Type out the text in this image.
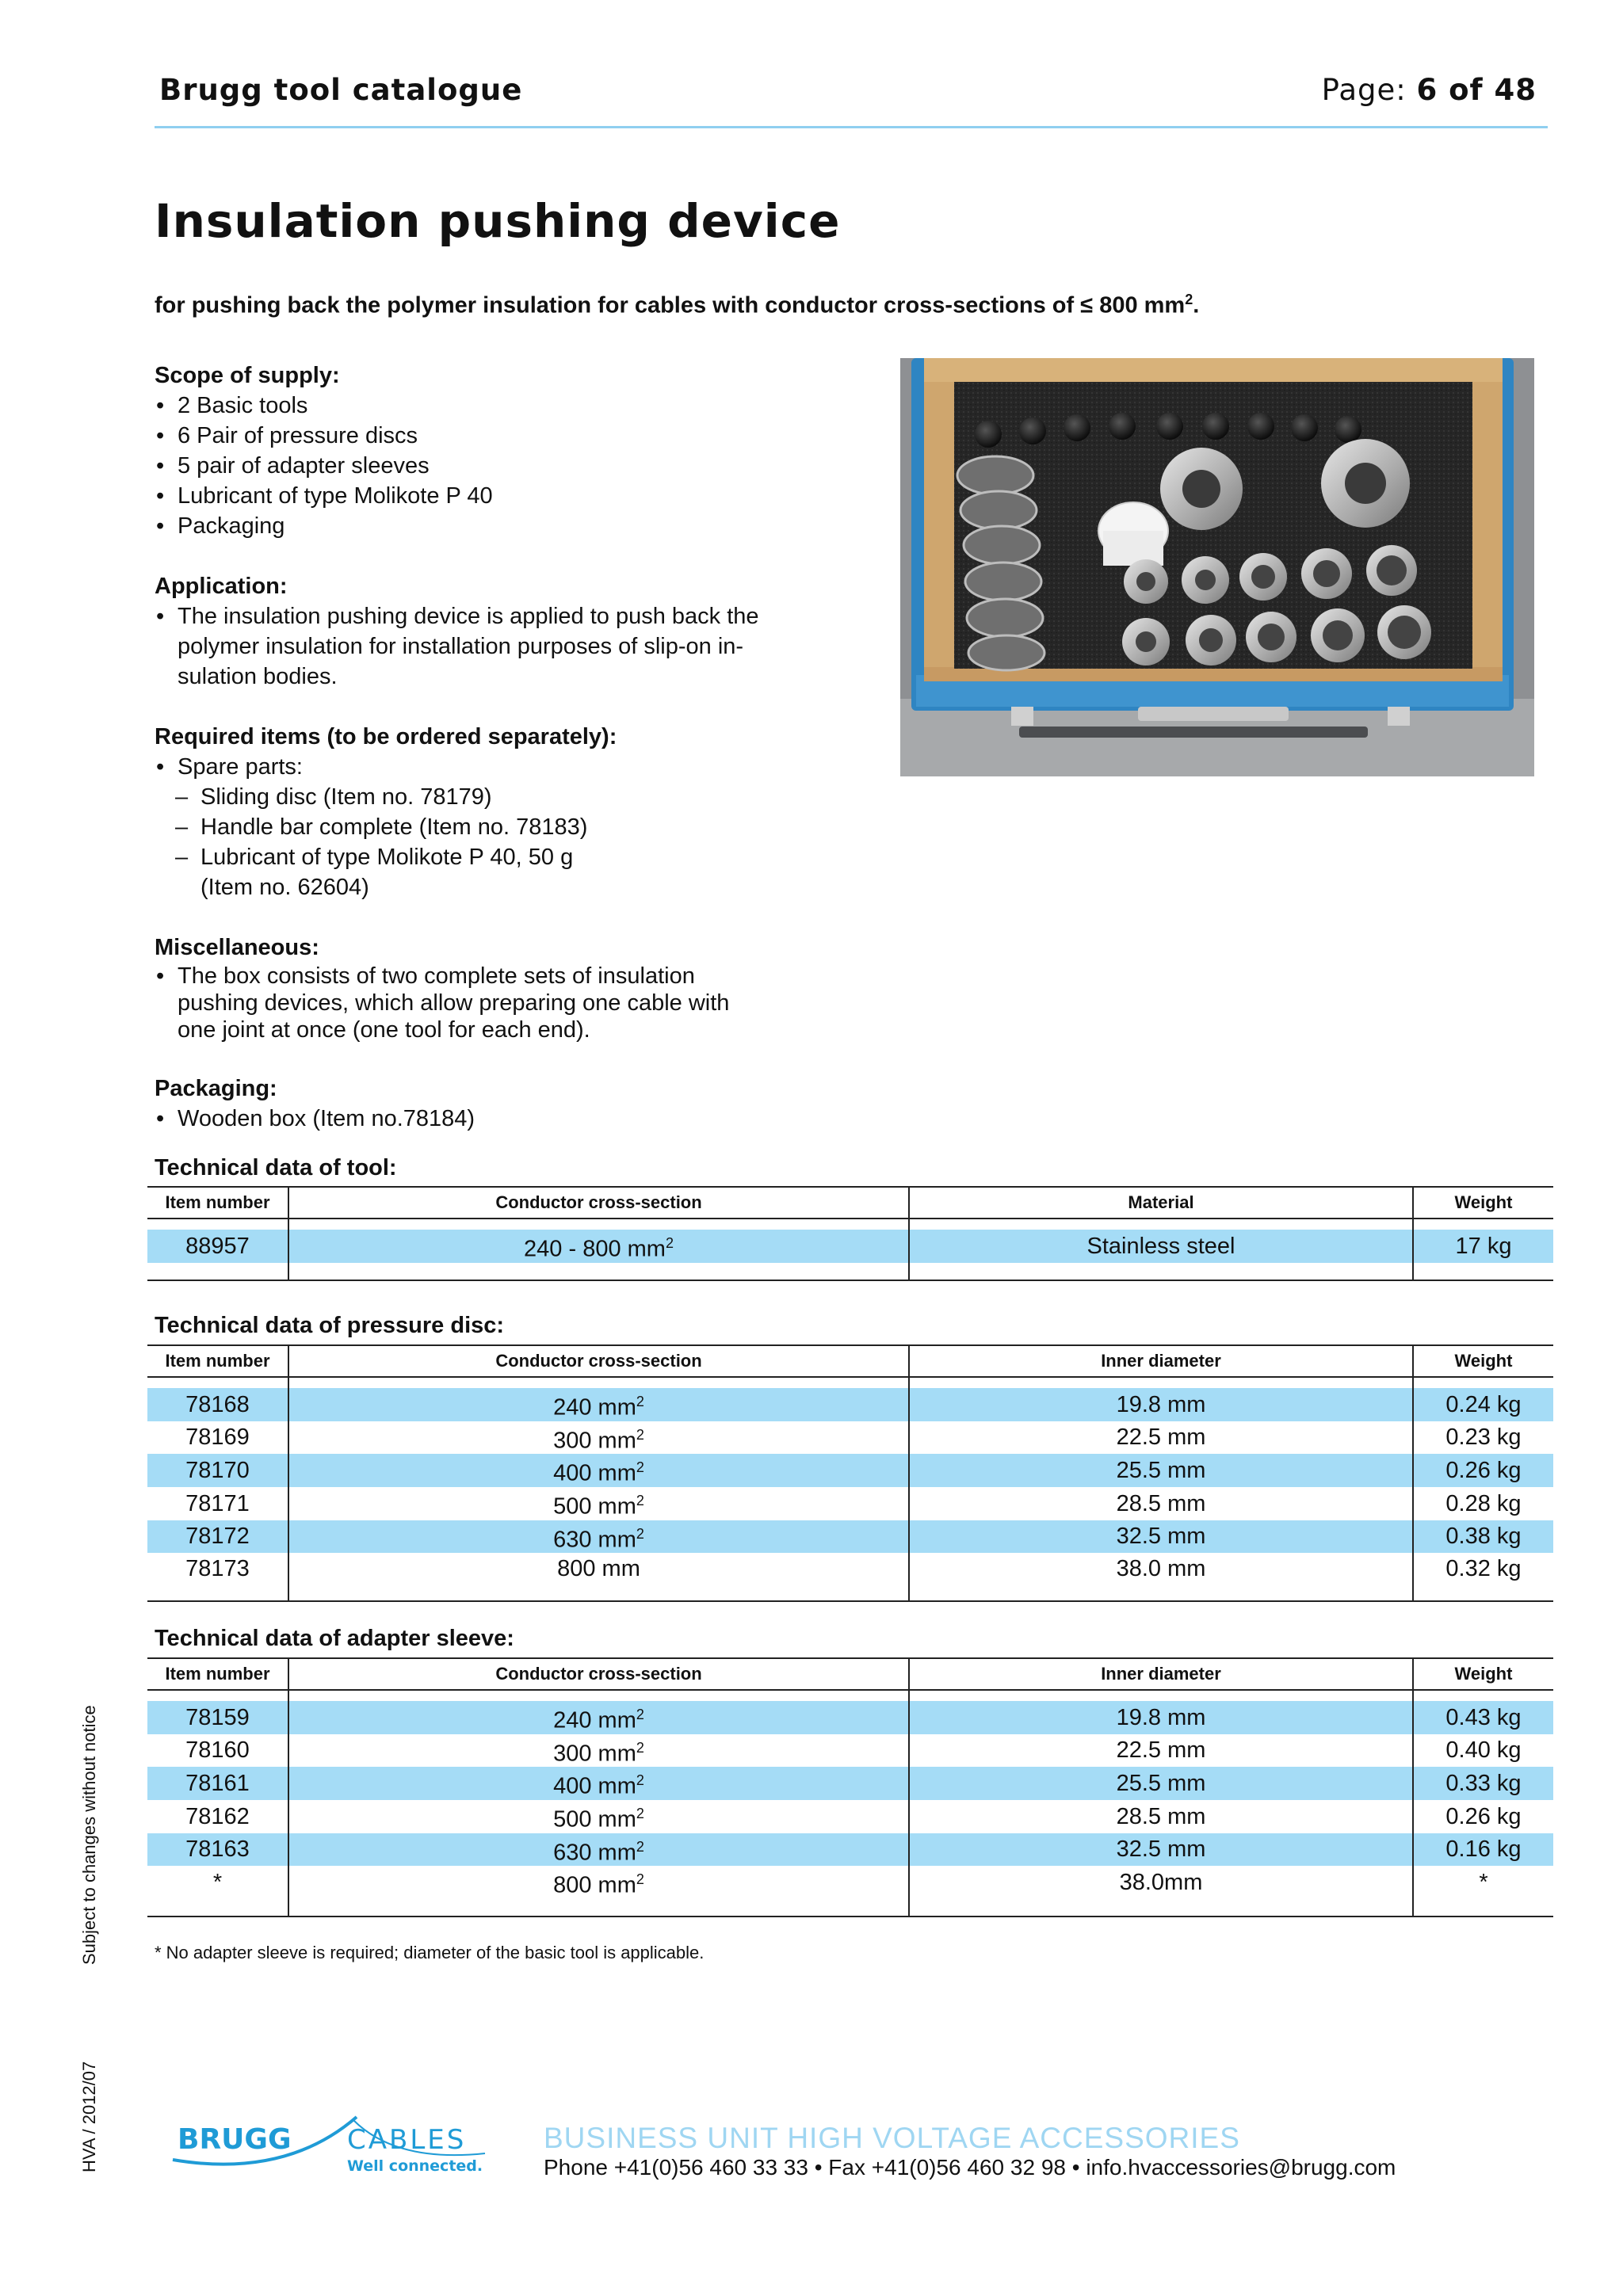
Brugg tool catalogue	Page: 6 of 48
Insulation pushing device
for pushing back the polymer insulation for cables with conductor cross-sections of ≤ 800 $mm^2$.
Scope of supply:
• 2 Basic tools
• 6 Pair of pressure discs
• 5 pair of adapter sleeves
• Lubricant of type Molikote P 40
• Packaging
Application:
• The insulation pushing device is applied to push back the
polymer insulation for installation purposes of slip-on in-
sulation bodies.
Required items (to be ordered separately):
• Spare parts:
– Sliding disc (Item no. 78179)
– Handle bar complete (Item no. 78183)
– Lubricant of type Molikote P 40, 50 g
(Item no. 62604)
Miscellaneous:
• The box consists of two complete sets of insulation
pushing devices, which allow preparing one cable with
one joint at once (one tool for each end).
Packaging:
• Wooden box (Item no.78184)
Technical data of tool:
Item number	Conductor cross-section	Material	Weight

88957	240 - 800 $mm^2$	Stainless steel	17 kg

Technical data of pressure disc:
Item number	Conductor cross-section	Inner diameter	Weight

78168	240 $mm^2$	19.8 mm	0.24 kg
78169	300 $mm^2$	22.5 mm	0.23 kg
78170	400 $mm^2$	25.5 mm	0.26 kg
78171	500 $mm^2$	28.5 mm	0.28 kg
78172	630 $mm^2$	32.5 mm	0.38 kg
78173	800 mm	38.0 mm	0.32 kg

Technical data of adapter sleeve:
Item number	Conductor cross-section	Inner diameter	Weight

78159	240 $mm^2$	19.8 mm	0.43 kg
78160	300 $mm^2$	22.5 mm	0.40 kg
78161	400 $mm^2$	25.5 mm	0.33 kg
78162	500 $mm^2$	28.5 mm	0.26 kg
78163	630 $mm^2$	32.5 mm	0.16 kg
*	800 $mm^2$	38.0mm	*

* No adapter sleeve is required; diameter of the basic tool is applicable.
Subject to changes without notice
HVA / 2012/07	BRUGG CABLES
Well connected.
BUSINESS UNIT HIGH VOLTAGE ACCESSORIES
Phone +41(0)56 460 33 33 • Fax +41(0)56 460 32 98 • info.hvaccessories@brugg.com
